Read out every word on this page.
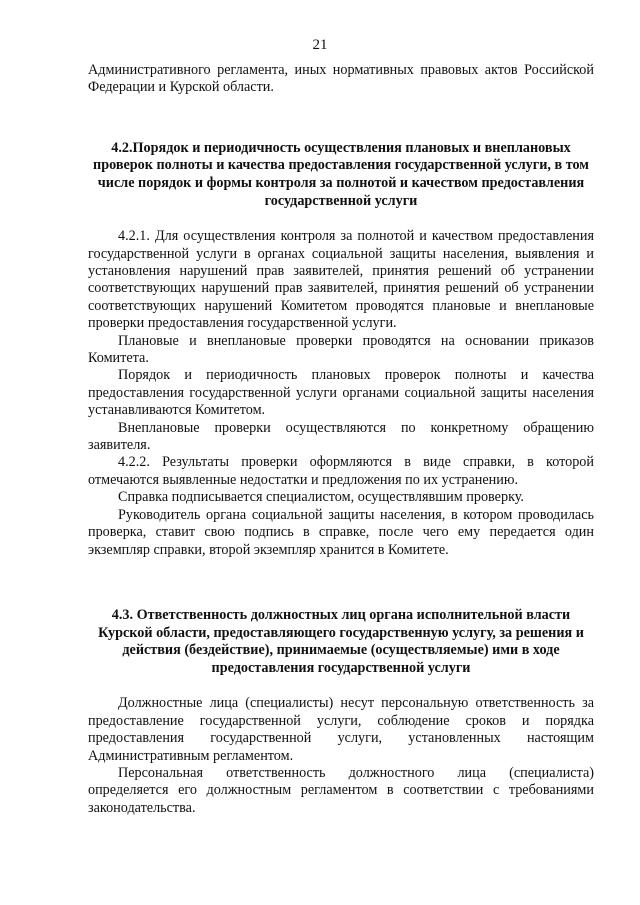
21

Административного регламента, иных нормативных правовых актов Российской Федерации и Курской области.

4.2.Порядок и периодичность осуществления плановых и внеплановых проверок полноты и качества предоставления государственной услуги, в том числе порядок и формы контроля за полнотой и качеством предоставления государственной услуги

4.2.1. Для осуществления контроля за полнотой и качеством предоставления государственной услуги в органах социальной защиты населения, выявления и установления нарушений прав заявителей, принятия решений об устранении соответствующих нарушений прав заявителей, принятия решений об устранении соответствующих нарушений Комитетом проводятся плановые и внеплановые проверки предоставления государственной услуги.

Плановые и внеплановые проверки проводятся на основании приказов Комитета.

Порядок и периодичность плановых проверок полноты и качества предоставления государственной услуги органами социальной защиты населения устанавливаются Комитетом.

Внеплановые проверки осуществляются по конкретному обращению заявителя.

4.2.2. Результаты проверки оформляются в виде справки, в которой отмечаются выявленные недостатки и предложения по их устранению.

Справка подписывается специалистом, осуществлявшим проверку.

Руководитель органа социальной защиты населения, в котором проводилась проверка, ставит свою подпись в справке, после чего ему передается один экземпляр справки, второй экземпляр хранится в Комитете.

4.3. Ответственность должностных лиц органа исполнительной власти Курской области, предоставляющего государственную услугу, за решения и действия (бездействие), принимаемые (осуществляемые) ими в ходе предоставления государственной услуги

Должностные лица (специалисты) несут персональную ответственность за предоставление государственной услуги, соблюдение сроков и порядка предоставления государственной услуги, установленных настоящим Административным регламентом.

Персональная ответственность должностного лица (специалиста) определяется его должностным регламентом в соответствии с требованиями законодательства.
